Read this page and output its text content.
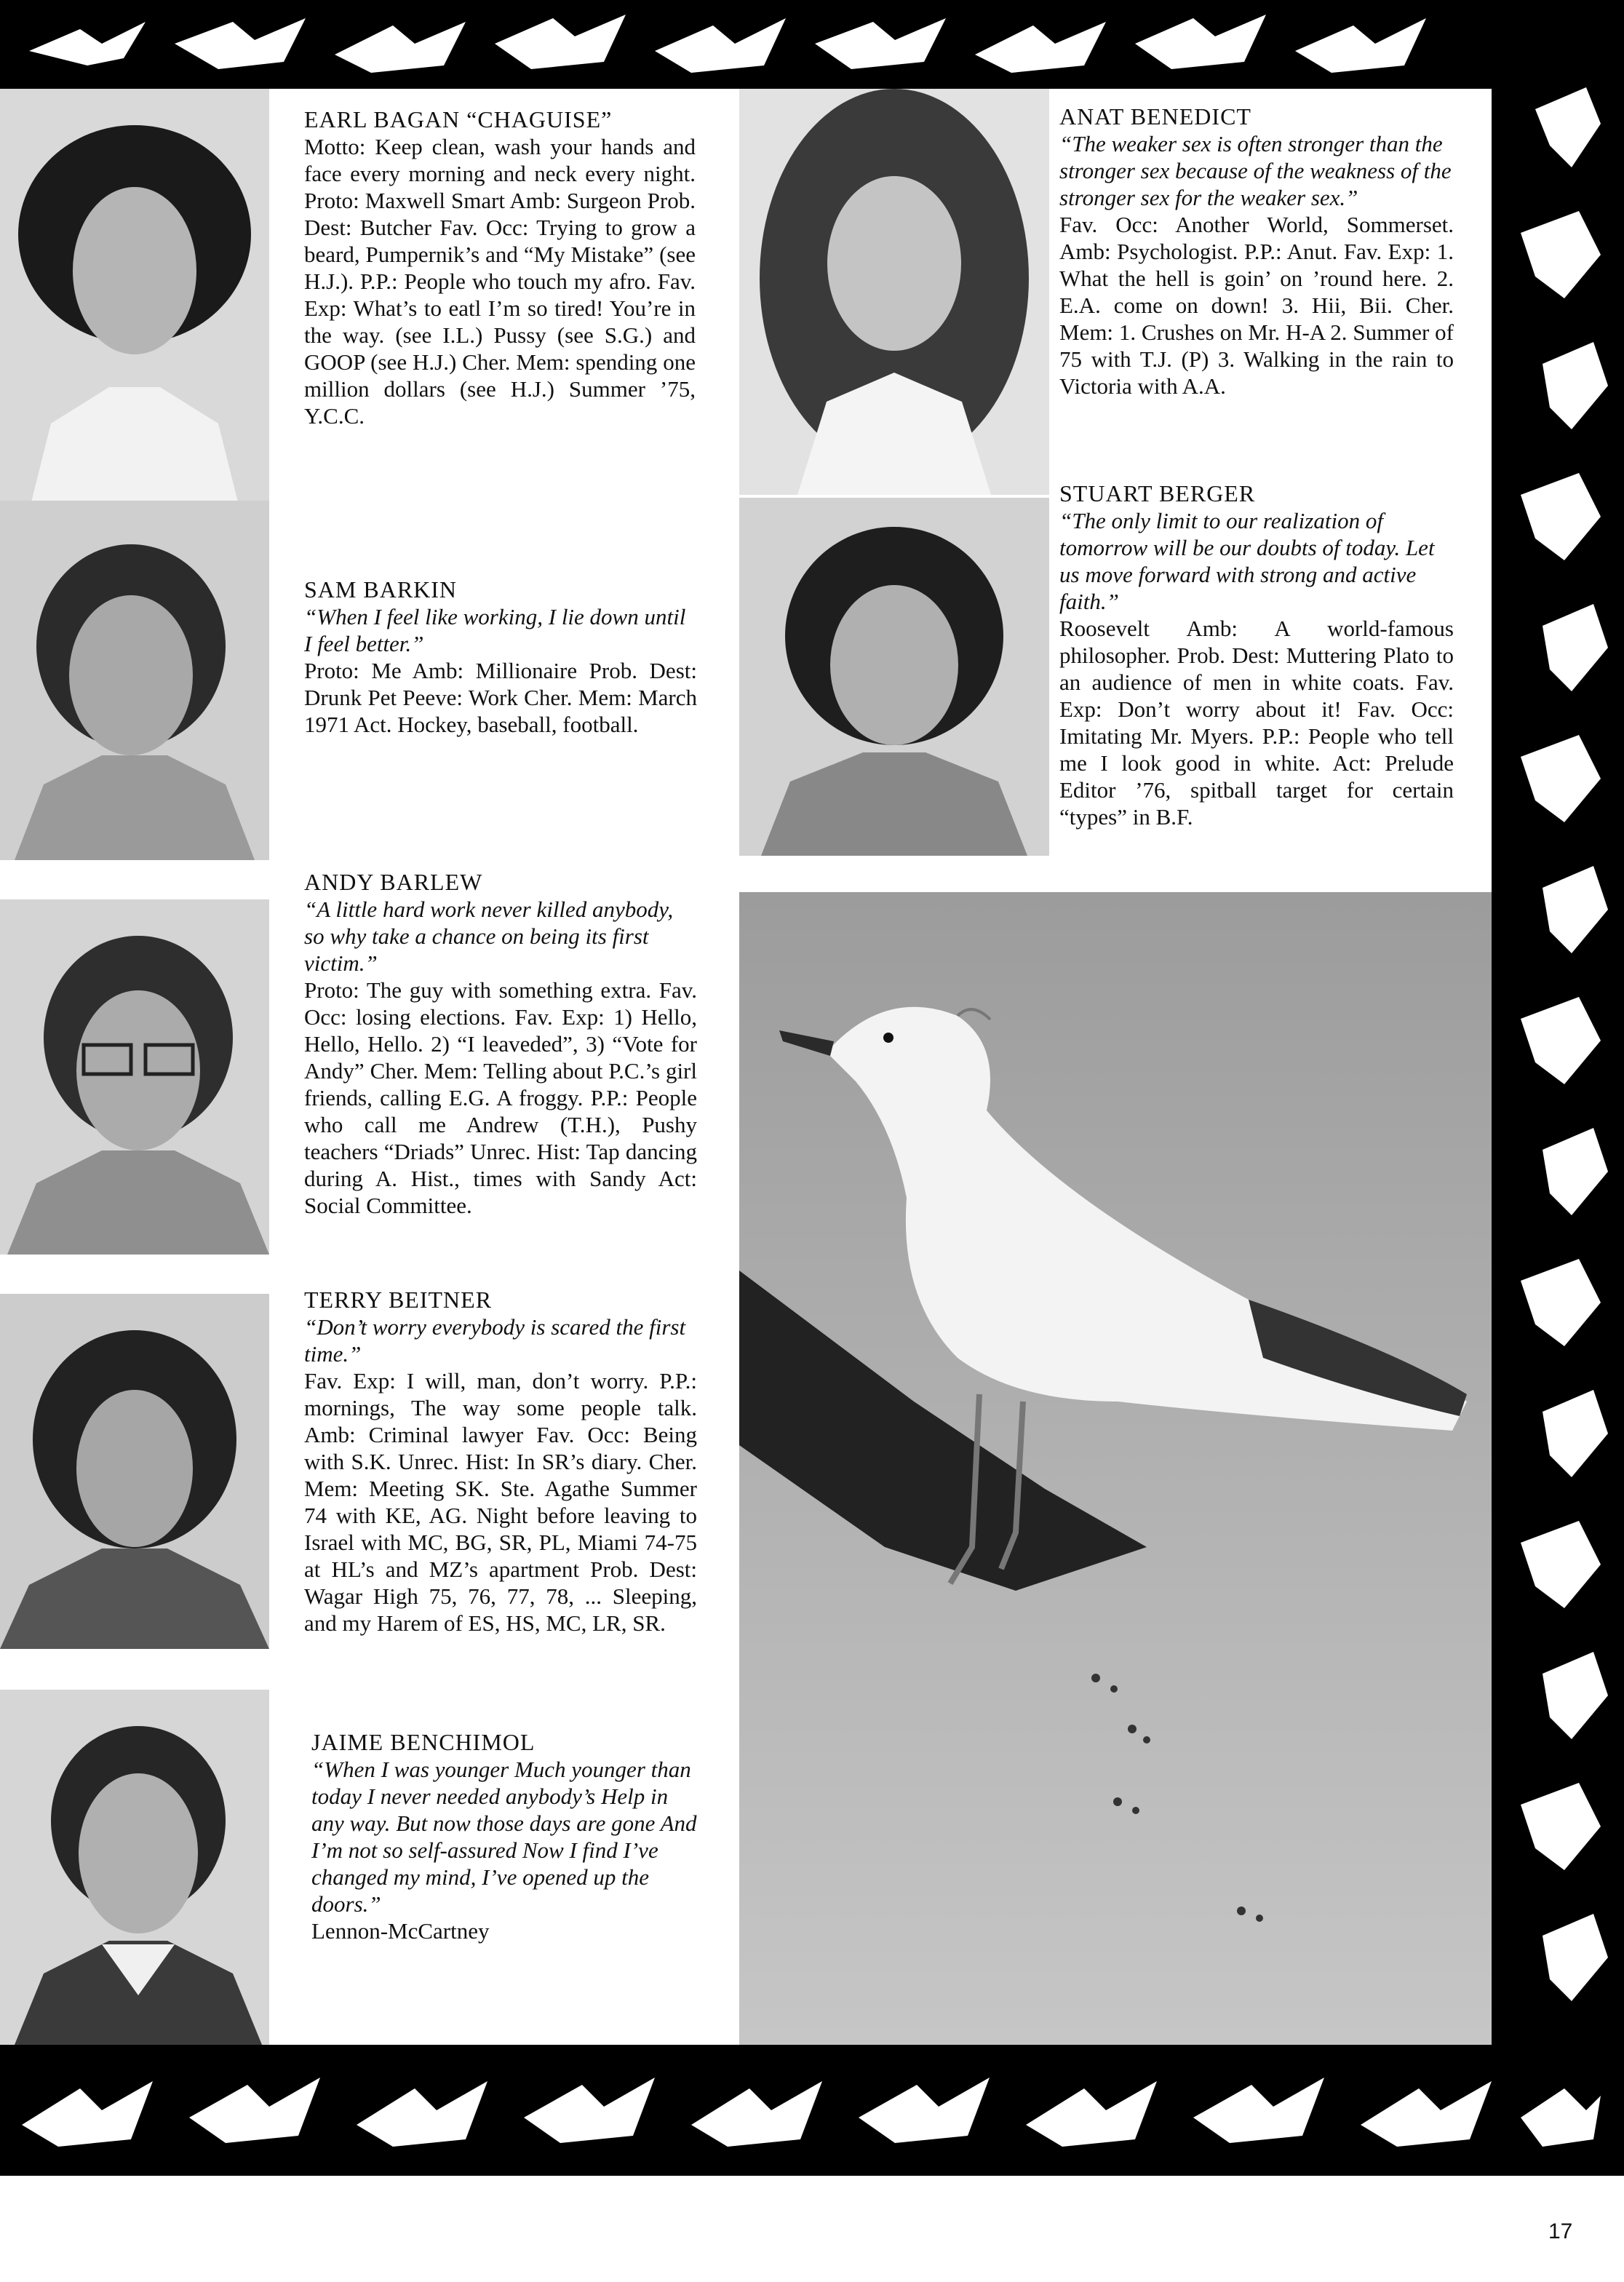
EARL BAGAN “CHAGUISE”
Motto: Keep clean, wash your hands and face every morning and neck every night. Proto: Maxwell Smart Amb: Surgeon Prob. Dest: Butcher Fav. Occ: Trying to grow a beard, Pumpernik’s and “My Mistake” (see H.J.). P.P.: People who touch my afro. Fav. Exp: What’s to eatl I’m so tired! You’re in the way. (see I.L.) Pussy (see S.G.) and GOOP (see H.J.) Cher. Mem: spending one million dollars (see H.J.) Summer ’75, Y.C.C.
SAM BARKIN
“When I feel like working, I lie down until I feel better.”
Proto: Me Amb: Millionaire Prob. Dest: Drunk Pet Peeve: Work Cher. Mem: March 1971 Act. Hockey, baseball, football.
ANDY BARLEW
“A little hard work never killed anybody, so why take a chance on being its first victim.”
Proto: The guy with something extra. Fav. Occ: losing elections. Fav. Exp: 1) Hello, Hello, Hello. 2) “I leaveded”, 3) “Vote for Andy” Cher. Mem: Telling about P.C.’s girl friends, calling E.G. A froggy. P.P.: People who call me Andrew (T.H.), Pushy teachers “Driads” Unrec. Hist: Tap dancing during A. Hist., times with Sandy Act: Social Committee.
TERRY BEITNER
“Don’t worry everybody is scared the first time.”
Fav. Exp: I will, man, don’t worry. P.P.: mornings, The way some people talk. Amb: Criminal lawyer Fav. Occ: Being with S.K. Unrec. Hist: In SR’s diary. Cher. Mem: Meeting SK. Ste. Agathe Summer 74 with KE, AG. Night before leaving to Israel with MC, BG, SR, PL, Miami 74-75 at HL’s and MZ’s apartment Prob. Dest: Wagar High 75, 76, 77, 78, ... Sleeping, and my Harem of ES, HS, MC, LR, SR.
JAIME BENCHIMOL
“When I was younger Much younger than today I never needed anybody’s Help in any way. But now those days are gone And I’m not so self-assured Now I find I’ve changed my mind, I’ve opened up the doors.”
Lennon-McCartney
ANAT BENEDICT
“The weaker sex is often stronger than the stronger sex because of the weakness of the stronger sex for the weaker sex.”
Fav. Occ: Another World, Sommerset. Amb: Psychologist. P.P.: Anut. Fav. Exp: 1. What the hell is goin’ on ’round here. 2. E.A. come on down! 3. Hii, Bii. Cher. Mem: 1. Crushes on Mr. H-A 2. Summer of 75 with T.J. (P) 3. Walking in the rain to Victoria with A.A.
STUART BERGER
“The only limit to our realization of tomorrow will be our doubts of today. Let us move forward with strong and active faith.”
Roosevelt Amb: A world-famous philosopher. Prob. Dest: Muttering Plato to an audience of men in white coats. Fav. Exp: Don’t worry about it! Fav. Occ: Imitating Mr. Myers. P.P.: People who tell me I look good in white. Act: Prelude Editor ’76, spitball target for certain “types” in B.F.
17
